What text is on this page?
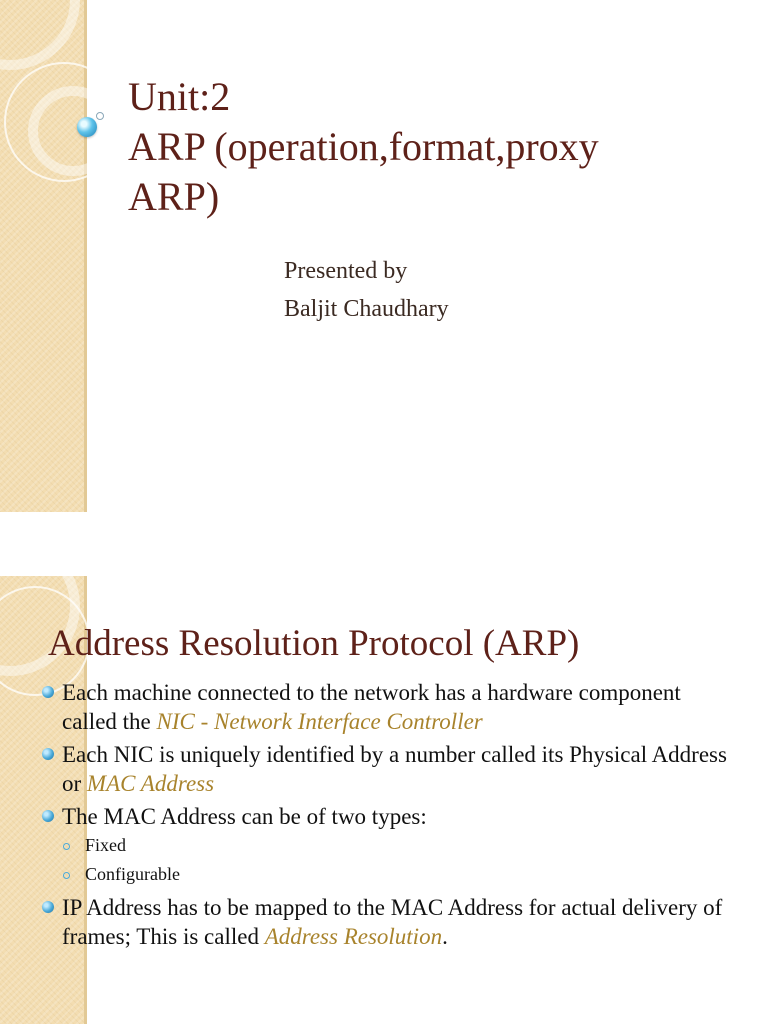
Unit:2
ARP (operation,format,proxy
ARP)
Presented by
Baljit Chaudhary
Address Resolution Protocol (ARP)
Each machine connected to the network has a hardware component called the NIC - Network Interface Controller
Each NIC is uniquely identified by a number called its Physical Address or MAC Address
The MAC Address can be of two types:
Fixed
Configurable
IP Address has to be mapped to the MAC Address for actual delivery of frames; This is called Address Resolution.
